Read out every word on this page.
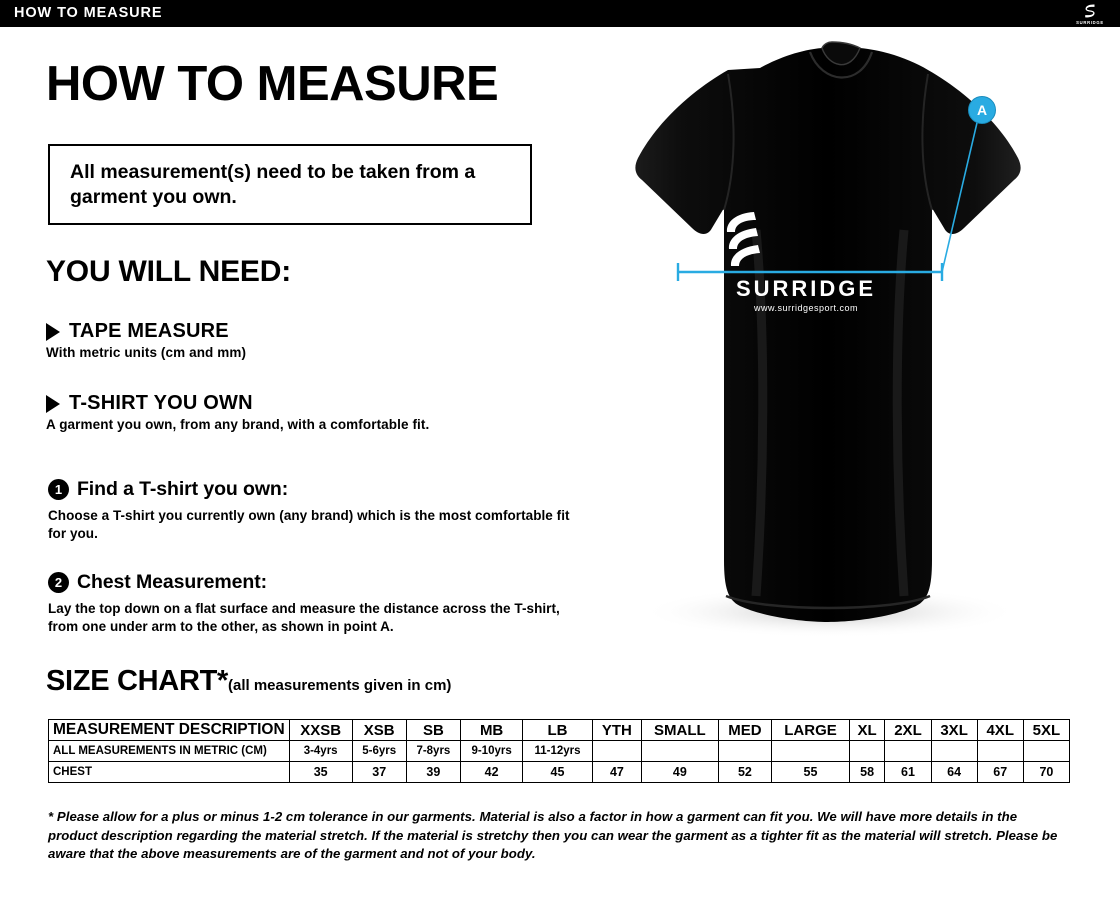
HOW TO MEASURE
SURRIDGE
HOW TO MEASURE
All measurement(s) need to be taken from a
garment you own.
YOU WILL NEED:
TAPE MEASURE
With metric units (cm and mm)
T-SHIRT YOU OWN
A garment you own, from any brand, with a comfortable fit.
1 Find a T-shirt you own:
Choose a T-shirt you currently own (any brand) which is the most comfortable fit for you.
2 Chest Measurement:
Lay the top down on a flat surface and measure the distance across the T-shirt, from one under arm to the other, as shown in point A.
SURRIDGE
www.surridgesport.com
A
SIZE CHART*(all measurements given in cm)
MEASUREMENT DESCRIPTION	XXSB	XSB	SB	MB	LB	YTH	SMALL	MED	LARGE	XL	2XL	3XL	4XL	5XL
ALL MEASUREMENTS IN METRIC (CM)	3-4yrs	5-6yrs	7-8yrs	9-10yrs	11-12yrs									
CHEST	35	37	39	42	45	47	49	52	55	58	61	64	67	70
* Please allow for a plus or minus 1-2 cm tolerance in our garments. Material is also a factor in how a garment can fit you. We will have more details in the product description regarding the material stretch. If the material is stretchy then you can wear the garment as a tighter fit as the material will stretch. Please be aware that the above measurements are of the garment and not of your body.
